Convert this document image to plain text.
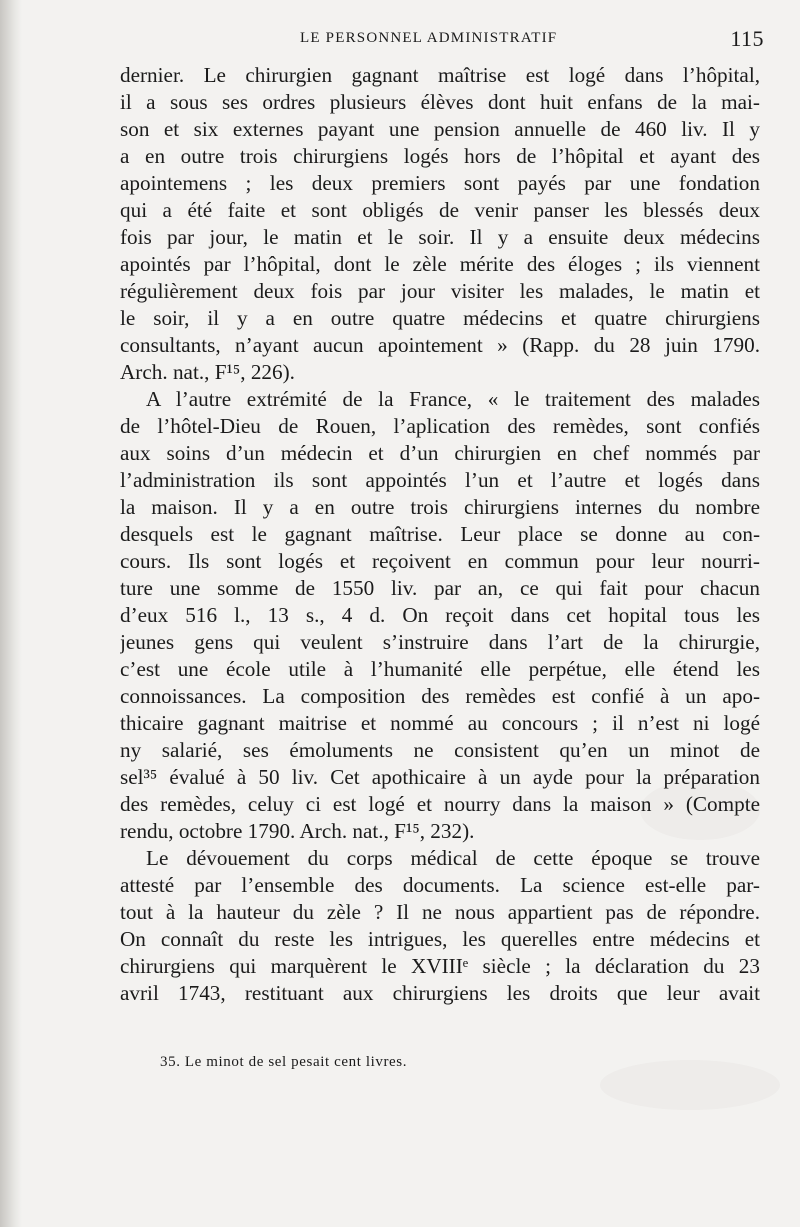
LE PERSONNEL ADMINISTRATIF	115
dernier. Le chirurgien gagnant maîtrise est logé dans l’hôpital,
il a sous ses ordres plusieurs élèves dont huit enfans de la mai-
son et six externes payant une pension annuelle de 460 liv. Il y
a en outre trois chirurgiens logés hors de l’hôpital et ayant des
apointemens ; les deux premiers sont payés par une fondation
qui a été faite et sont obligés de venir panser les blessés deux
fois par jour, le matin et le soir. Il y a ensuite deux médecins
apointés par l’hôpital, dont le zèle mérite des éloges ; ils viennent
régulièrement deux fois par jour visiter les malades, le matin et
le soir, il y a en outre quatre médecins et quatre chirurgiens
consultants, n’ayant aucun apointement » (Rapp. du 28 juin 1790.
Arch. nat., F¹⁵, 226).
A l’autre extrémité de la France, « le traitement des malades
de l’hôtel-Dieu de Rouen, l’aplication des remèdes, sont confiés
aux soins d’un médecin et d’un chirurgien en chef nommés par
l’administration ils sont appointés l’un et l’autre et logés dans
la maison. Il y a en outre trois chirurgiens internes du nombre
desquels est le gagnant maîtrise. Leur place se donne au con-
cours. Ils sont logés et reçoivent en commun pour leur nourri-
ture une somme de 1550 liv. par an, ce qui fait pour chacun
d’eux 516 l., 13 s., 4 d. On reçoit dans cet hopital tous les
jeunes gens qui veulent s’instruire dans l’art de la chirurgie,
c’est une école utile à l’humanité elle perpétue, elle étend les
connoissances. La composition des remèdes est confié à un apo-
thicaire gagnant maitrise et nommé au concours ; il n’est ni logé
ny salarié, ses émoluments ne consistent qu’en un minot de
sel³⁵ évalué à 50 liv. Cet apothicaire à un ayde pour la préparation
des remèdes, celuy ci est logé et nourry dans la maison » (Compte
rendu, octobre 1790. Arch. nat., F¹⁵, 232).
Le dévouement du corps médical de cette époque se trouve
attesté par l’ensemble des documents. La science est-elle par-
tout à la hauteur du zèle ? Il ne nous appartient pas de répondre.
On connaît du reste les intrigues, les querelles entre médecins et
chirurgiens qui marquèrent le XVIIIᵉ siècle ; la déclaration du 23
avril 1743, restituant aux chirurgiens les droits que leur avait
35. Le minot de sel pesait cent livres.
